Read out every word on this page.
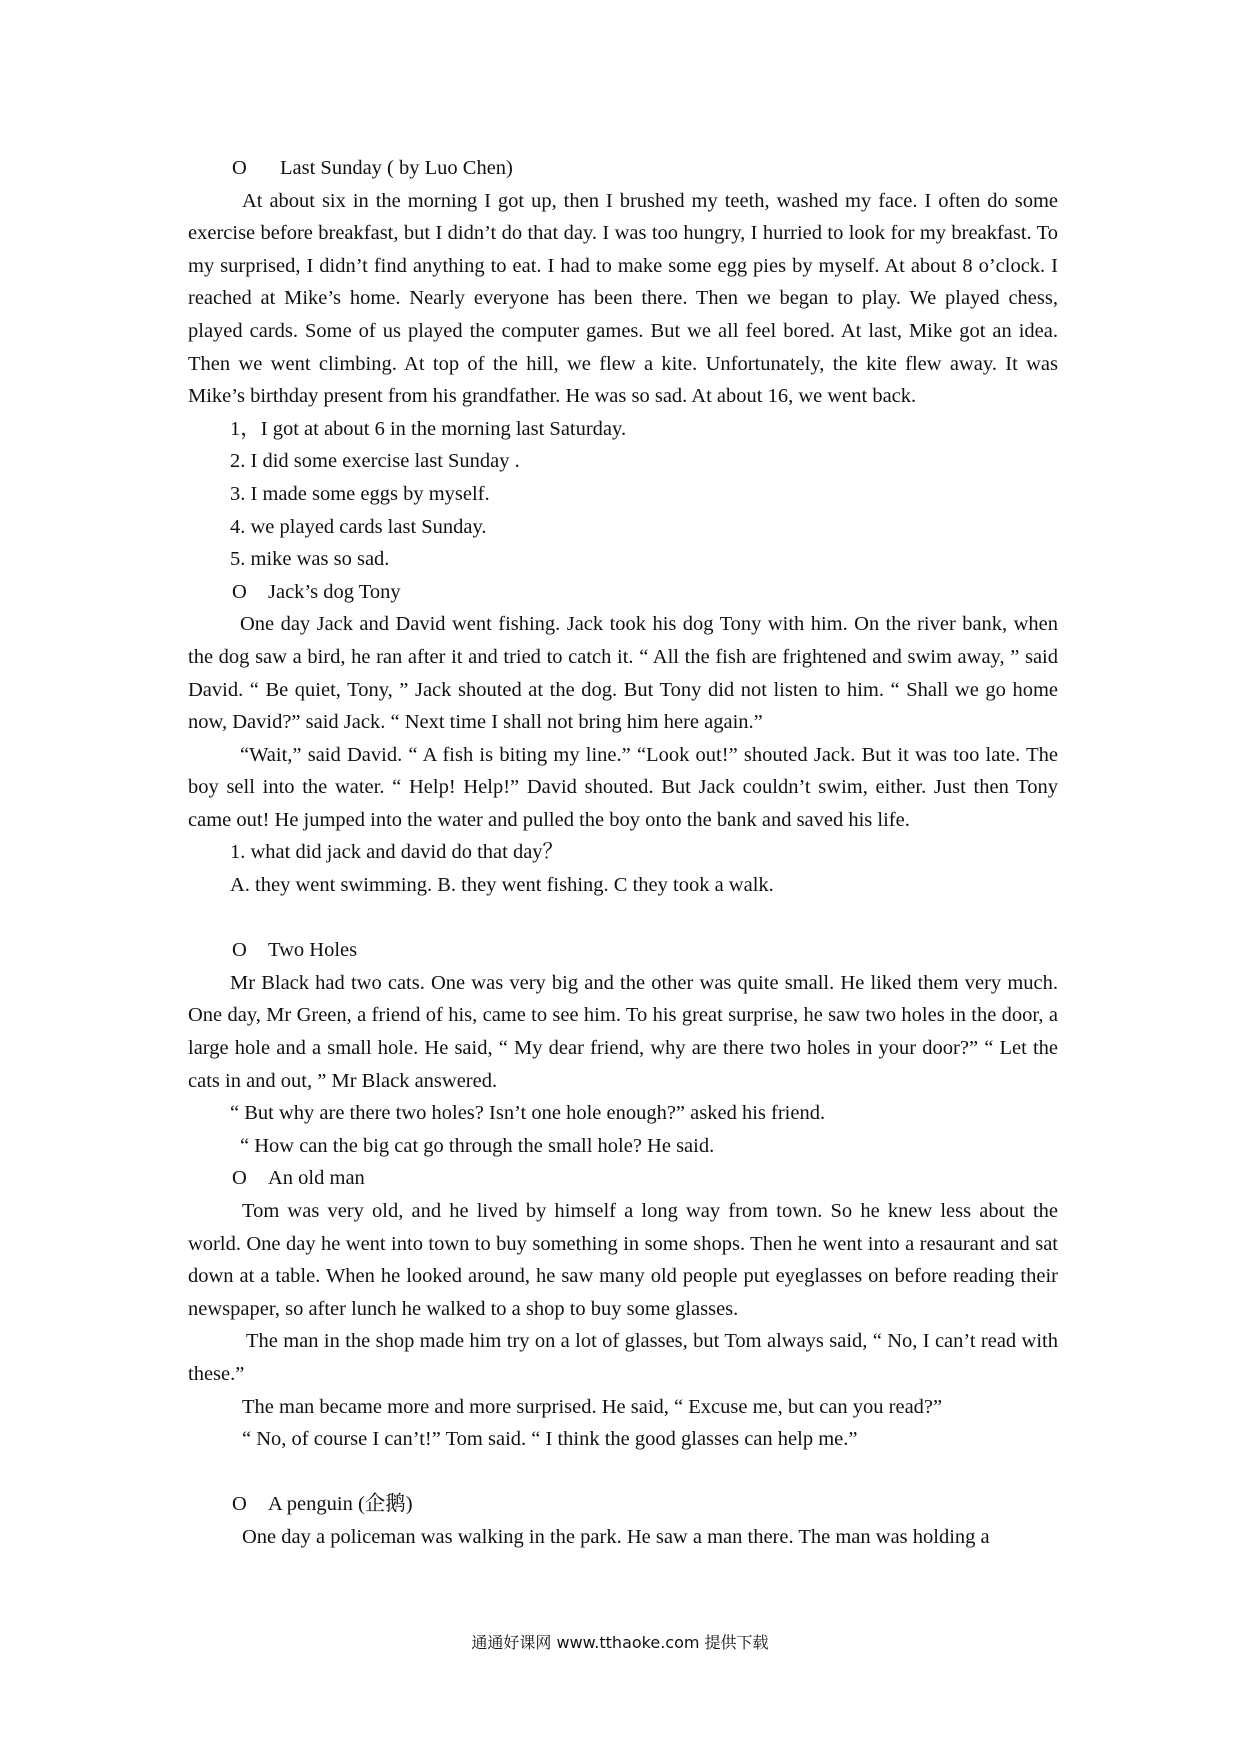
O Last Sunday ( by Luo Chen)

At about six in the morning I got up, then I brushed my teeth, washed my face. I often do some exercise before breakfast, but I didn’t do that day. I was too hungry, I hurried to look for my breakfast. To my surprised, I didn’t find anything to eat. I had to make some egg pies by myself. At about 8 o’clock. I reached at Mike’s home. Nearly everyone has been there. Then we began to play. We played chess, played cards. Some of us played the computer games. But we all feel bored. At last, Mike got an idea. Then we went climbing. At top of the hill, we flew a kite. Unfortunately, the kite flew away. It was Mike’s birthday present from his grandfather. He was so sad. At about 16, we went back.

1，I got at about 6 in the morning last Saturday.

2. I did some exercise last Sunday .

3. I made some eggs by myself.

4. we played cards last Sunday.

5. mike was so sad.

O Jack’s dog Tony

One day Jack and David went fishing. Jack took his dog Tony with him. On the river bank, when the dog saw a bird, he ran after it and tried to catch it. “ All the fish are frightened and swim away, ” said David. “ Be quiet, Tony, ” Jack shouted at the dog. But Tony did not listen to him. “ Shall we go home now, David?” said Jack. “ Next time I shall not bring him here again.”

“Wait,” said David. “ A fish is biting my line.” “Look out!” shouted Jack. But it was too late. The boy sell into the water. “ Help! Help!” David shouted. But Jack couldn’t swim, either. Just then Tony came out! He jumped into the water and pulled the boy onto the bank and saved his life.

1. what did jack and david do that day？

A. they went swimming. B. they went fishing. C they took a walk.

O Two Holes

Mr Black had two cats. One was very big and the other was quite small. He liked them very much. One day, Mr Green, a friend of his, came to see him. To his great surprise, he saw two holes in the door, a large hole and a small hole. He said, “ My dear friend, why are there two holes in your door?” “ Let the cats in and out, ” Mr Black answered.

“ But why are there two holes? Isn’t one hole enough?” asked his friend.

“ How can the big cat go through the small hole? He said.

O An old man

Tom was very old, and he lived by himself a long way from town. So he knew less about the world. One day he went into town to buy something in some shops. Then he went into a resaurant and sat down at a table. When he looked around, he saw many old people put eyeglasses on before reading their newspaper, so after lunch he walked to a shop to buy some glasses.

The man in the shop made him try on a lot of glasses, but Tom always said, “ No, I can’t read with these.”

The man became more and more surprised. He said, “ Excuse me, but can you read?”

“ No, of course I can’t!” Tom said. “ I think the good glasses can help me.”

O A penguin (企鹅)

One day a policeman was walking in the park. He saw a man there. The man was holding a

通通好课网 www.tthaoke.com 提供下载
